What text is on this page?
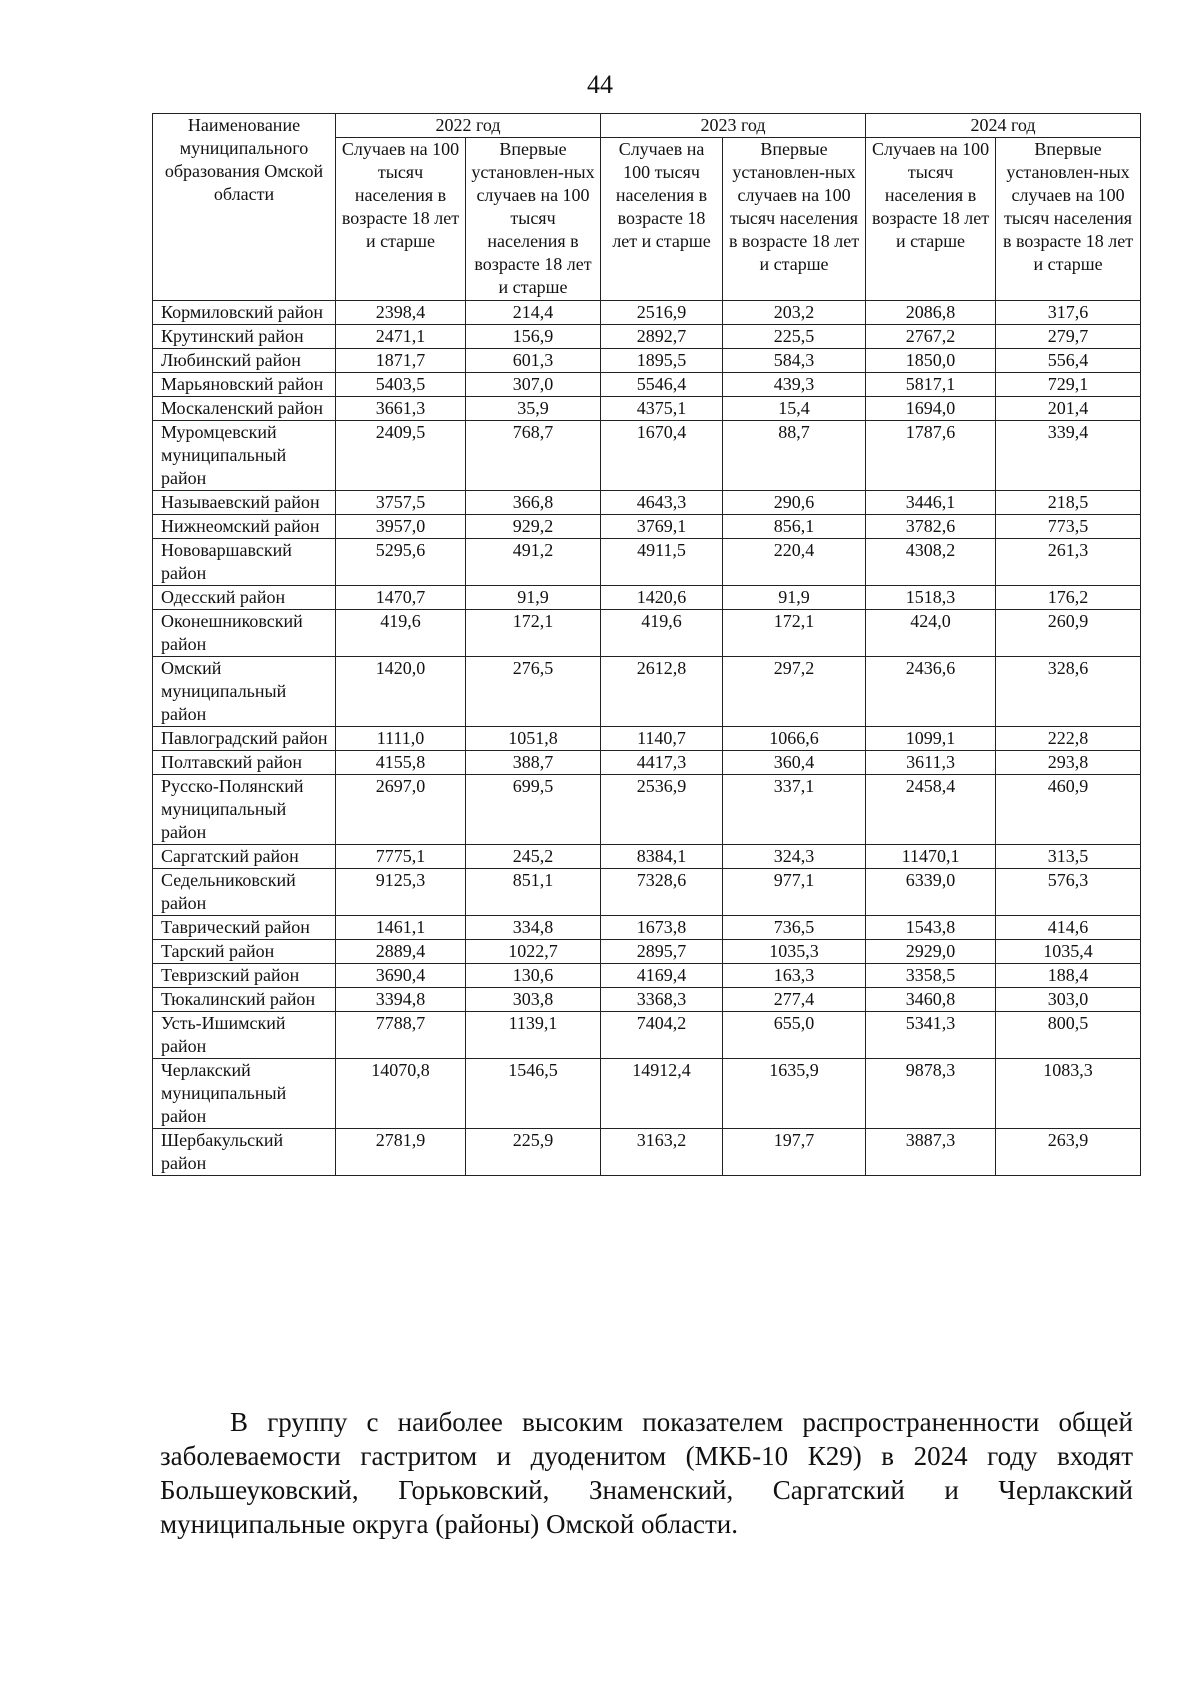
44
Наименование муниципального образования Омской области	2022 год		2023 год		2024 год	
	Случаев на 100 тысяч населения в возрасте 18 лет и старше	Впервые установлен-ных случаев на 100 тысяч населения в возрасте 18 лет и старше	Случаев на 100 тысяч населения в возрасте 18 лет и старше	Впервые установлен-ных случаев на 100 тысяч населения в возрасте 18 лет и старше	Случаев на 100 тысяч населения в возрасте 18 лет и старше	Впервые установлен-ных случаев на 100 тысяч населения в возрасте 18 лет и старше
Кормиловский район	2398,4	214,4	2516,9	203,2	2086,8	317,6
Крутинский район	2471,1	156,9	2892,7	225,5	2767,2	279,7
Любинский район	1871,7	601,3	1895,5	584,3	1850,0	556,4
Марьяновский район	5403,5	307,0	5546,4	439,3	5817,1	729,1
Москаленский район	3661,3	35,9	4375,1	15,4	1694,0	201,4
Муромцевский муниципальный район	2409,5	768,7	1670,4	88,7	1787,6	339,4
Называевский район	3757,5	366,8	4643,3	290,6	3446,1	218,5
Нижнеомский район	3957,0	929,2	3769,1	856,1	3782,6	773,5
Нововаршавский район	5295,6	491,2	4911,5	220,4	4308,2	261,3
Одесский район	1470,7	91,9	1420,6	91,9	1518,3	176,2
Оконешниковский район	419,6	172,1	419,6	172,1	424,0	260,9
Омский муниципальный район	1420,0	276,5	2612,8	297,2	2436,6	328,6
Павлоградский район	1111,0	1051,8	1140,7	1066,6	1099,1	222,8
Полтавский район	4155,8	388,7	4417,3	360,4	3611,3	293,8
Русско-Полянский муниципальный район	2697,0	699,5	2536,9	337,1	2458,4	460,9
Саргатский район	7775,1	245,2	8384,1	324,3	11470,1	313,5
Седельниковский район	9125,3	851,1	7328,6	977,1	6339,0	576,3
Таврический район	1461,1	334,8	1673,8	736,5	1543,8	414,6
Тарский район	2889,4	1022,7	2895,7	1035,3	2929,0	1035,4
Тевризский район	3690,4	130,6	4169,4	163,3	3358,5	188,4
Тюкалинский район	3394,8	303,8	3368,3	277,4	3460,8	303,0
Усть-Ишимский район	7788,7	1139,1	7404,2	655,0	5341,3	800,5
Черлакский муниципальный район	14070,8	1546,5	14912,4	1635,9	9878,3	1083,3
Шербакульский район	2781,9	225,9	3163,2	197,7	3887,3	263,9

В группу с наиболее высоким показателем распространенности общей заболеваемости гастритом и дуоденитом (МКБ-10 К29) в 2024 году входят Большеуковский, Горьковский, Знаменский, Саргатский и Черлакский муниципальные округа (районы) Омской области.
